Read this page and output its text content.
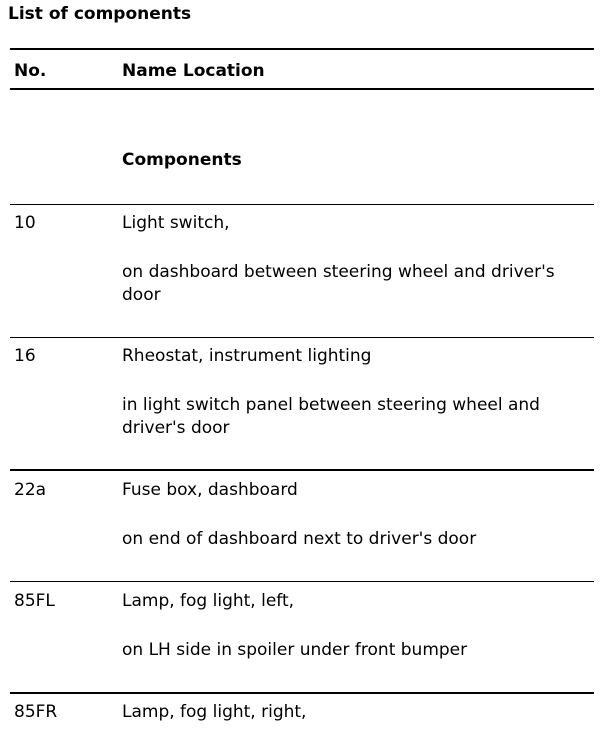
List of components
No.	Name Location
Components
10	Light switch,
on dashboard between steering wheel and driver's door
16	Rheostat, instrument lighting
in light switch panel between steering wheel and driver's door
22a	Fuse box, dashboard
on end of dashboard next to driver's door
85FL	Lamp, fog light, left,
on LH side in spoiler under front bumper
85FR	Lamp, fog light, right,
